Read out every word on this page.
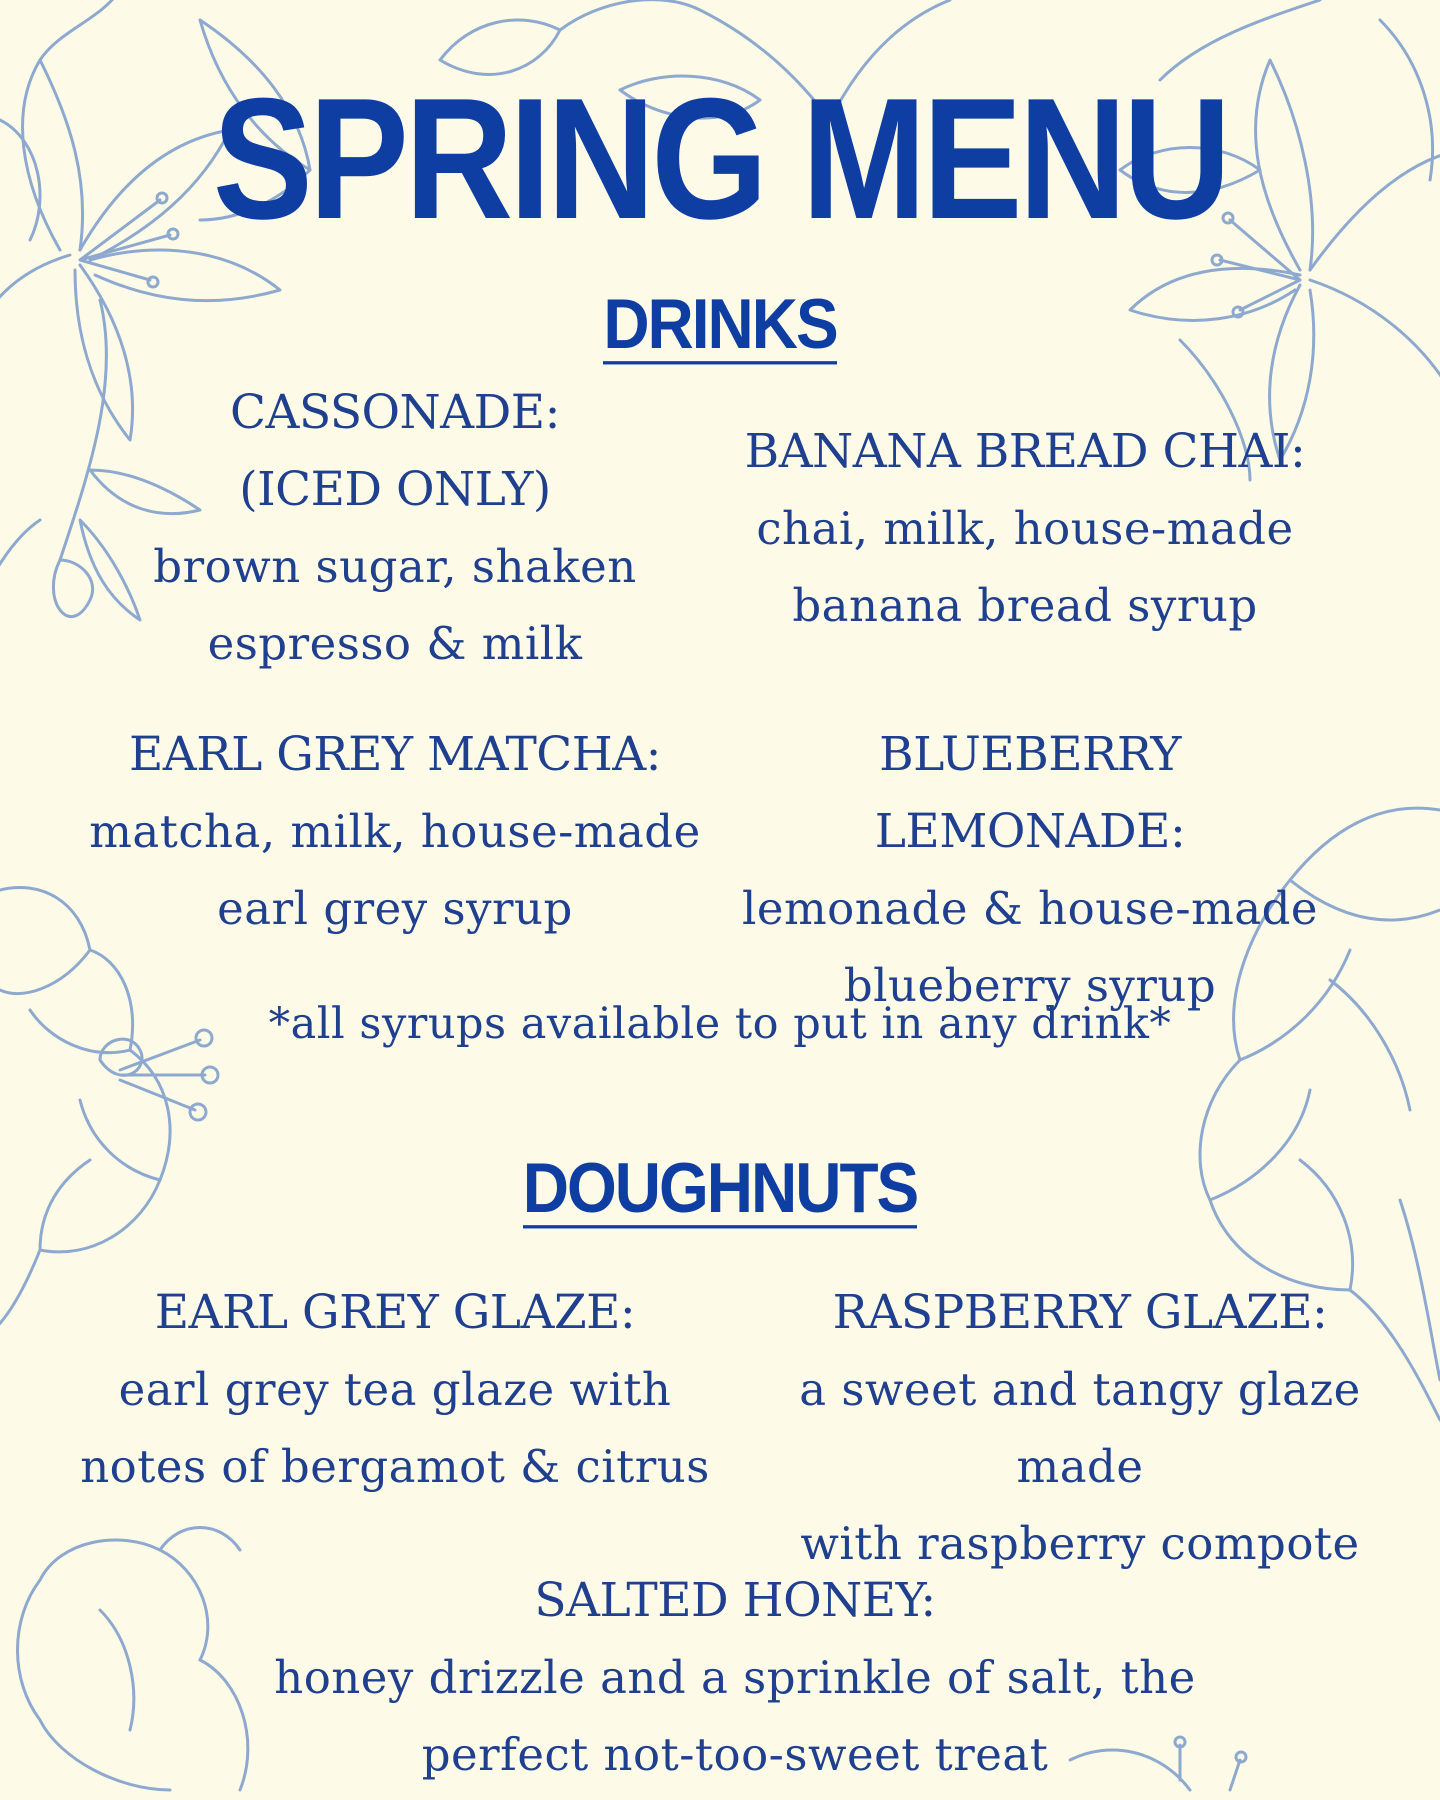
SPRING MENU
DRINKS
CASSONADE:
(ICED ONLY)
brown sugar, shaken
espresso & milk
BANANA BREAD CHAI:
chai, milk, house-made
banana bread syrup
EARL GREY MATCHA:
matcha, milk, house-made
earl grey syrup
BLUEBERRY LEMONADE:
lemonade & house-made
blueberry syrup
*all syrups available to put in any drink*
DOUGHNUTS
EARL GREY GLAZE:
earl grey tea glaze with
notes of bergamot & citrus
RASPBERRY GLAZE:
a sweet and tangy glaze made
with raspberry compote
SALTED HONEY:
honey drizzle and a sprinkle of salt, the
perfect not-too-sweet treat
